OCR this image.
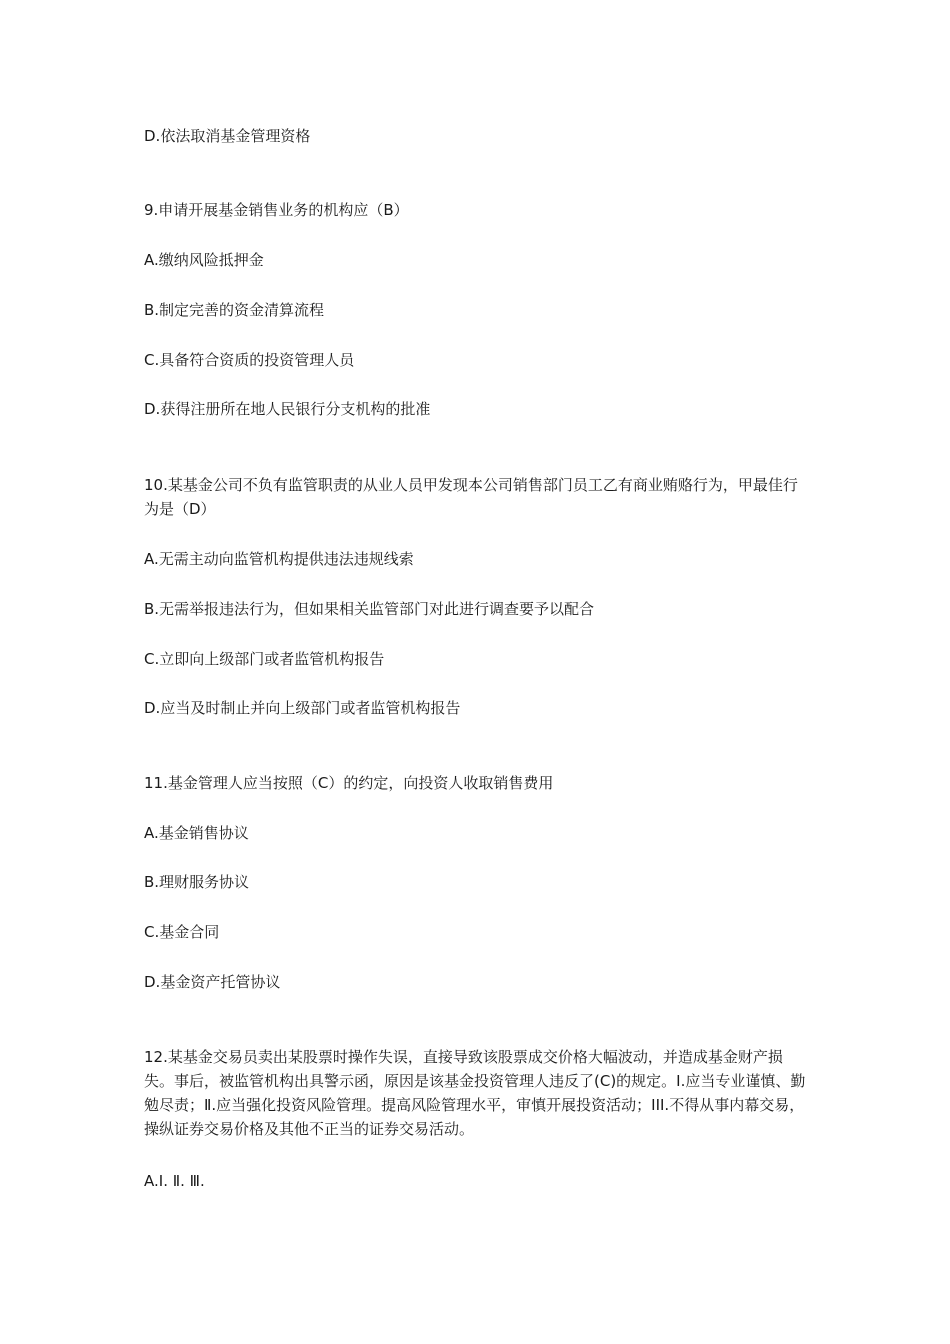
D.依法取消基金管理资格
9.申请开展基金销售业务的机构应（B）
A.缴纳风险抵押金
B.制定完善的资金清算流程
C.具备符合资质的投资管理人员
D.获得注册所在地人民银行分支机构的批准
10.某基金公司不负有监管职责的从业人员甲发现本公司销售部门员工乙有商业贿赂行为，甲最佳行为是（D）
A.无需主动向监管机构提供违法违规线索
B.无需举报违法行为，但如果相关监管部门对此进行调查要予以配合
C.立即向上级部门或者监管机构报告
D.应当及时制止并向上级部门或者监管机构报告
11.基金管理人应当按照（C）的约定，向投资人收取销售费用
A.基金销售协议
B.理财服务协议
C.基金合同
D.基金资产托管协议
12.某基金交易员卖出某股票时操作失误，直接导致该股票成交价格大幅波动，并造成基金财产损失。事后，被监管机构出具警示函，原因是该基金投资管理人违反了(C)的规定。Ⅰ.应当专业谨慎、勤勉尽责；Ⅱ.应当强化投资风险管理。提高风险管理水平，审慎开展投资活动；III.不得从事内幕交易，操纵证券交易价格及其他不正当的证券交易活动。
A.I. Ⅱ. Ⅲ.
